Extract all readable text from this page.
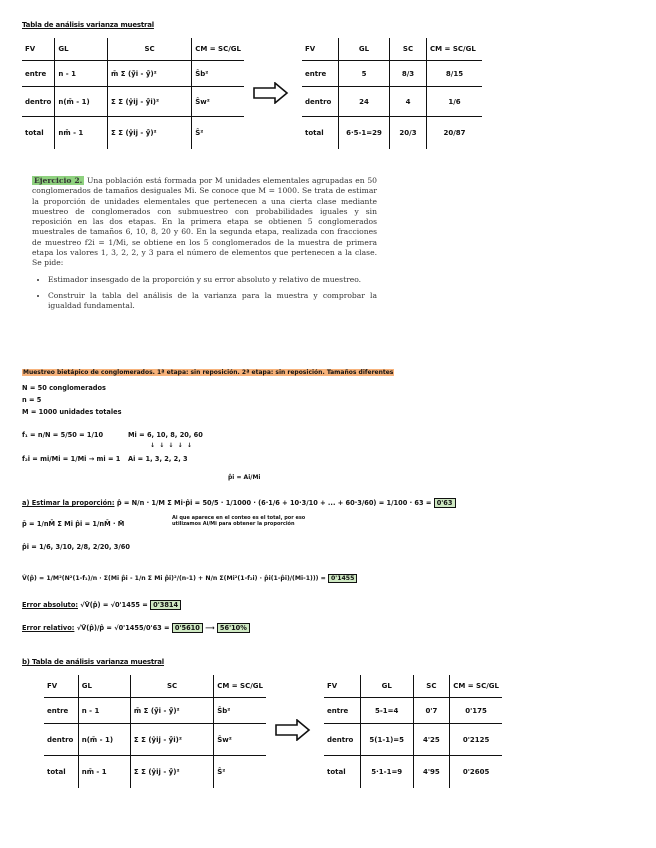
Tabla de análisis varianza muestral
FV	GL	SC	CM = SC/GL
entre	n - 1	m̄ Σ (ȳ̂i - ȳ̂)²	Ŝb²
dentro	n(m̄ - 1)	Σ Σ (ŷij - ȳ̂i)²	Ŝw²
total	nm̄ - 1	Σ Σ (ŷij - ȳ̂)²	Ŝ²
FV	GL	SC	CM = SC/GL
entre	5	8/3	8/15
dentro	24	4	1/6
total	6·5-1=29	20/3	20/87

Ejercicio 2. Una población está formada por M unidades elementales agrupadas en 50 conglomerados de tamaños desiguales Mi. Se conoce que M = 1000. Se trata de estimar la proporción de unidades elementales que pertenecen a una cierta clase mediante muestreo de conglomerados con submuestreo con probabilidades iguales y sin reposición en las dos etapas. En la primera etapa se obtienen 5 conglomerados muestrales de tamaños 6, 10, 8, 20 y 60. En la segunda etapa, realizada con fracciones de muestreo f2i = 1/Mi, se obtiene en los 5 conglomerados de la muestra de primera etapa los valores 1, 3, 2, 2, y 3 para el número de elementos que pertenecen a la clase. Se pide:

• Estimador insesgado de la proporción y su error absoluto y relativo de muestreo.
• Construir la tabla del análisis de la varianza para la muestra y comprobar la igualdad fundamental.
Muestreo bietápico de conglomerados. 1ª etapa: sin reposición. 2ª etapa: sin reposición. Tamaños diferentes
N = 50 conglomerados
n = 5
M = 1000 unidades totales
f₁ = n/N = 5/50 = 1/10	Mi = 6, 10, 8, 20, 60
↓  ↓  ↓  ↓  ↓
f₂i = mi/Mi = 1/Mi → mi = 1 Ai = 1, 3, 2, 2, 3
p̂i = Ai/Mi
a) Estimar la proporción: p̂ = N/n · 1/M Σ Mi·p̂i = 50/5 · 1/1000 · (6·1/6 + 10·3/10 + ... + 60·3/60) = 1/100 · 63 = 0'63
Ai que aparece en el conteo es el total, por eso utilizamos Ai/Mi para obtener la proporción
p̄ = 1/nM̄ Σ Mi p̂i = 1/nM̄ · M̂
p̂i = 1/6, 3/10, 2/8, 2/20, 3/60
V̂(p̂) = 1/M²(N²(1-f₁)/n · Σ(Mi p̂i - 1/n Σ Mi p̂i)²/(n-1) + N/n Σ(Mi²(1-f₂i) · p̂i(1-p̂i)/(Mi-1))) = 0'1455
Error absoluto: √V̂(p̂) = √0'1455 = 0'3814
Error relativo: √V̂(p̂)/p̂ = √0'1455/0'63 = 0'5610 ⟶ 56'10%
b) Tabla de análisis varianza muestral
FV	GL	SC	CM = SC/GL
entre	n - 1	m̄ Σ (ȳ̂i - ȳ̂)²	Ŝb²
dentro	n(m̄ - 1)	Σ Σ (ŷij - ȳ̂i)²	Ŝw²
total	nm̄ - 1	Σ Σ (ŷij - ȳ̂)²	Ŝ²
FV	GL	SC	CM = SC/GL
entre	5-1=4	0'7	0'175
dentro	5(1-1)=5	4'25	0'2125
total	5·1-1=9	4'95	0'2605
